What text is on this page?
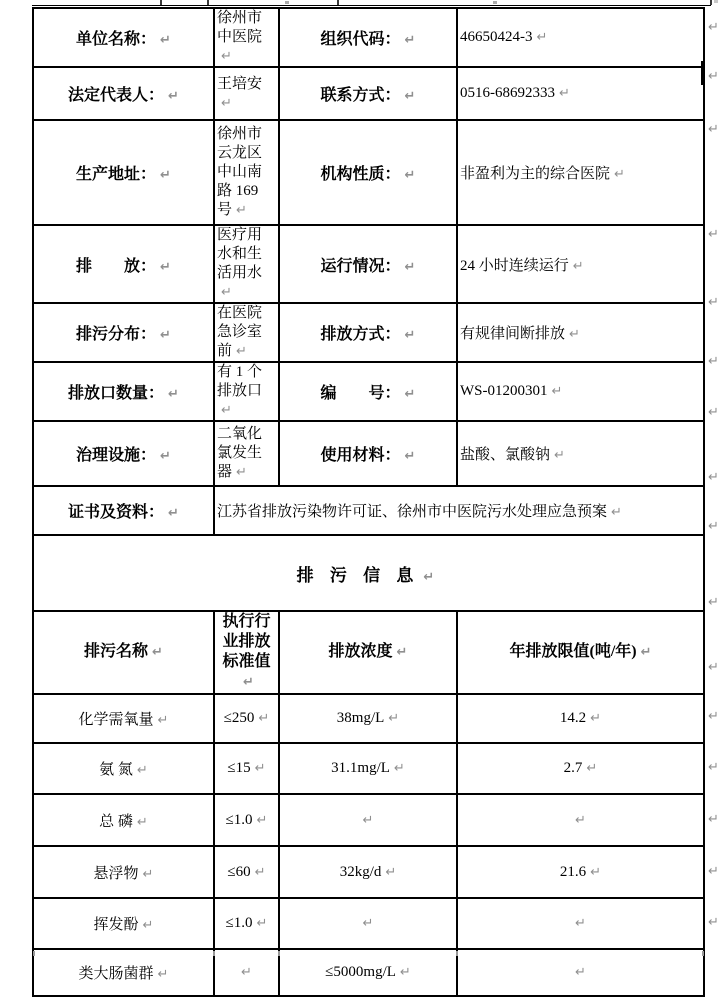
单位名称：↵	徐州市中医院↵	组织代码：↵	46650424-3↵
法定代表人：↵	王培安↵	联系方式：↵	0516-68692333↵
生产地址：↵	徐州市云龙区中山南路 169 号↵	机构性质：↵	非盈利为主的综合医院↵
排　　放：↵	医疗用水和生活用水↵	运行情况：↵	24 小时连续运行↵
排污分布：↵	在医院急诊室前↵	排放方式：↵	有规律间断排放↵
排放口数量：↵	有 1 个排放口↵	编　　号：↵	WS-01200301↵
治理设施：↵	二氧化氯发生器↵	使用材料：↵	盐酸、氯酸钠↵
证书及资料：↵	江苏省排放污染物许可证、徐州市中医院污水处理应急预案↵
排 污 信 息↵
排污名称↵	执行行业排放标准值↵	排放浓度↵	年排放限值(吨/年)↵
化学需氧量↵	≤250↵	38mg/L↵	14.2↵
氨 氮↵	≤15↵	31.1mg/L↵	2.7↵
总 磷↵	≤1.0↵	↵	↵
悬浮物↵	≤60↵	32kg/d↵	21.6↵
挥发酚↵	≤1.0↵	↵	↵
类大肠菌群↵	↵	≤5000mg/L↵	↵
↵
↵
↵
↵
↵
↵
↵
↵
↵
↵
↵
↵
↵
↵
↵
↵
